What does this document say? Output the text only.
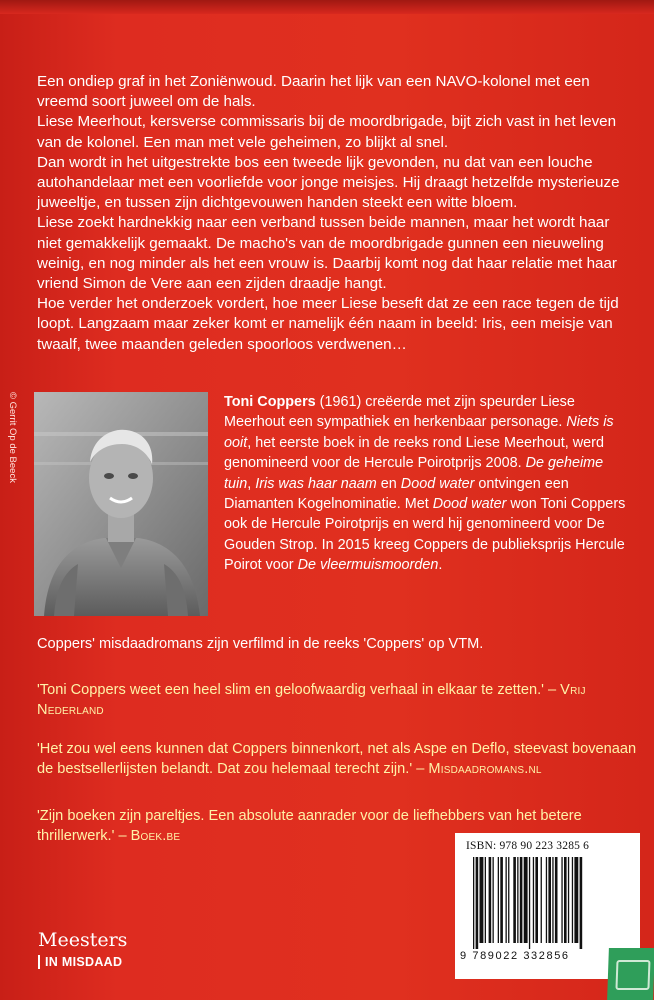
Een ondiep graf in het Zoniënwoud. Daarin het lijk van een NAVO-kolonel met een vreemd soort juweel om de hals.

Liese Meerhout, kersverse commissaris bij de moordbrigade, bijt zich vast in het leven van de kolonel. Een man met vele geheimen, zo blijkt al snel.

Dan wordt in het uitgestrekte bos een tweede lijk gevonden, nu dat van een louche autohandelaar met een voorliefde voor jonge meisjes. Hij draagt hetzelfde mysterieuze juweeltje, en tussen zijn dichtgevouwen handen steekt een witte bloem.

Liese zoekt hardnekkig naar een verband tussen beide mannen, maar het wordt haar niet gemakkelijk gemaakt. De macho's van de moordbrigade gunnen een nieuweling weinig, en nog minder als het een vrouw is. Daarbij komt nog dat haar relatie met haar vriend Simon de Vere aan een zijden draadje hangt.

Hoe verder het onderzoek vordert, hoe meer Liese beseft dat ze een race tegen de tijd loopt. Langzaam maar zeker komt er namelijk één naam in beeld: Iris, een meisje van twaalf, twee maanden geleden spoorloos verdwenen…

© Gerrit Op de Beeck	Toni Coppers (1961) creëerde met zijn speurder Liese Meerhout een sympathiek en herkenbaar personage. Niets is ooit, het eerste boek in de reeks rond Liese Meerhout, werd genomineerd voor de Hercule Poirotprijs 2008. De geheime tuin, Iris was haar naam en Dood water ontvingen een Diamanten Kogelnominatie. Met Dood water won Toni Coppers ook de Hercule Poirotprijs en werd hij genomineerd voor De Gouden Strop. In 2015 kreeg Coppers de publieksprijs Hercule Poirot voor De vleermuismoorden.
Coppers' misdaadromans zijn verfilmd in de reeks 'Coppers' op VTM.
'Toni Coppers weet een heel slim en geloofwaardig verhaal in elkaar te zetten.' – Vrij Nederland
'Het zou wel eens kunnen dat Coppers binnenkort, net als Aspe en Deflo, steevast bovenaan de bestsellerlijsten belandt. Dat zou helemaal terecht zijn.' – Misdaadromans.nl
'Zijn boeken zijn pareltjes. Een absolute aanrader voor de liefhebbers van het betere thrillerwerk.' – Boek.be
Meesters
IN MISDAAD
ISBN: 978 90 223 3285 6
9 789022 332856
www.manteau.be
